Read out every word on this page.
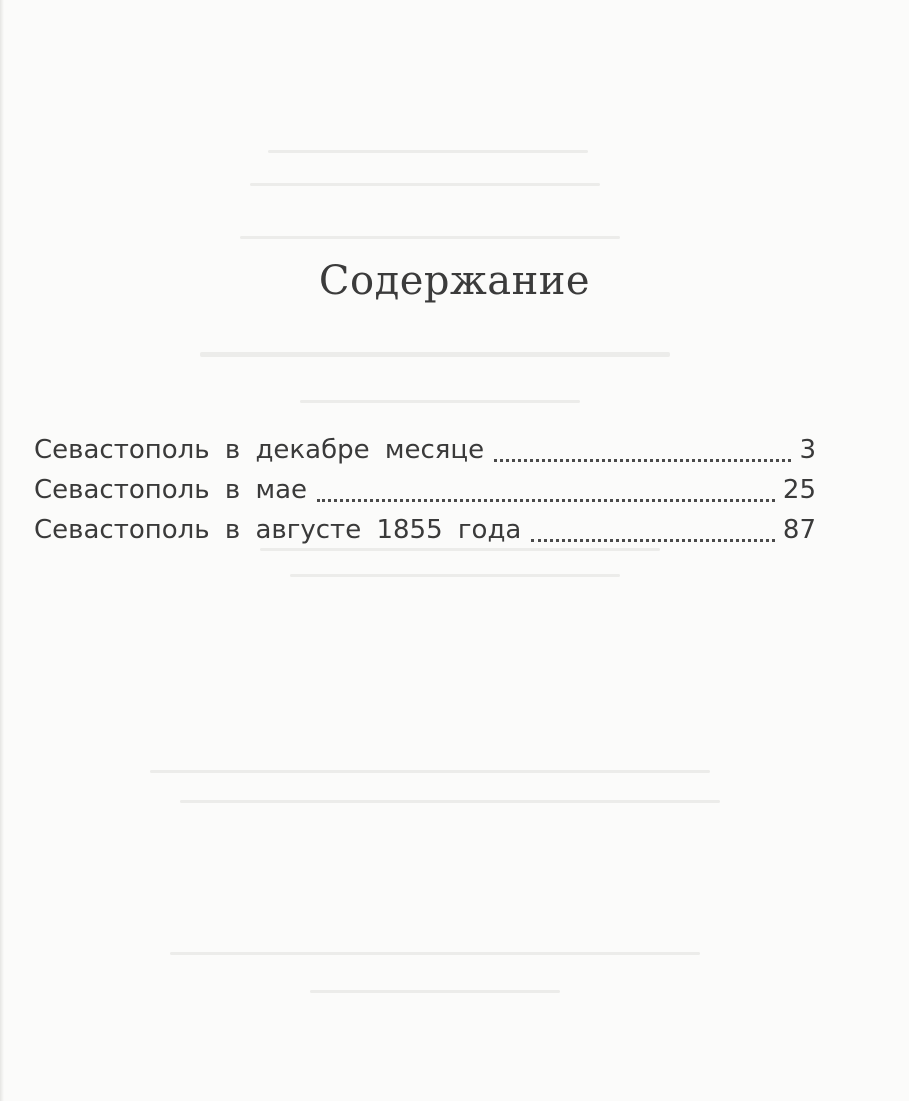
Содержание
Севастополь в декабре месяце	3
Севастополь в мае	25
Севастополь в августе 1855 года	87
